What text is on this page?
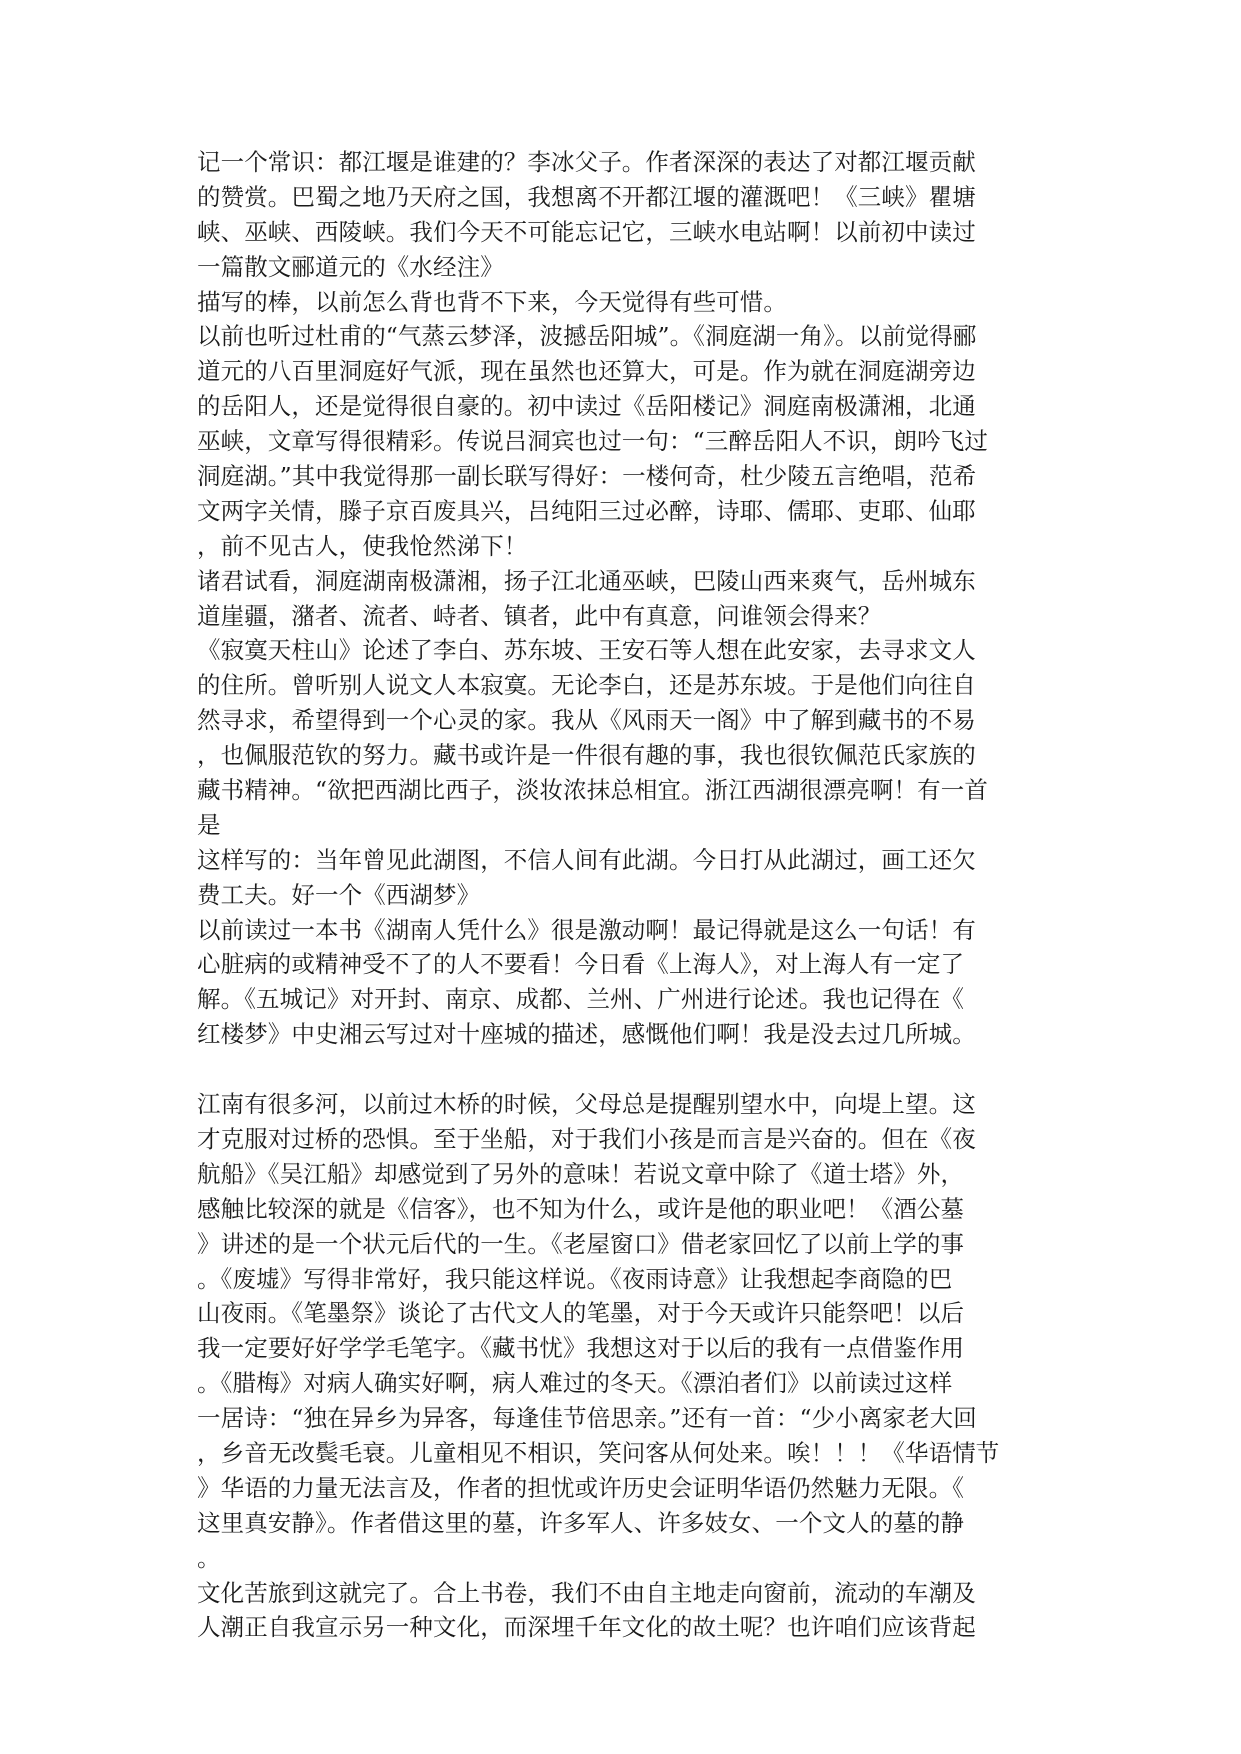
记一个常识：都江堰是谁建的？李冰父子。作者深深的表达了对都江堰贡献
的赞赏。巴蜀之地乃天府之国，我想离不开都江堰的灌溉吧！《三峡》瞿塘
峡、巫峡、西陵峡。我们今天不可能忘记它，三峡水电站啊！以前初中读过
一篇散文郦道元的《水经注》
描写的棒，以前怎么背也背不下来，今天觉得有些可惜。
以前也听过杜甫的“气蒸云梦泽，波撼岳阳城”。《洞庭湖一角》。以前觉得郦
道元的八百里洞庭好气派，现在虽然也还算大，可是。作为就在洞庭湖旁边
的岳阳人，还是觉得很自豪的。初中读过《岳阳楼记》洞庭南极潇湘，北通
巫峡，文章写得很精彩。传说吕洞宾也过一句：“三醉岳阳人不识，朗吟飞过
洞庭湖。”其中我觉得那一副长联写得好：一楼何奇，杜少陵五言绝唱，范希
文两字关情，滕子京百废具兴，吕纯阳三过必醉，诗耶、儒耶、吏耶、仙耶
，前不见古人，使我怆然涕下！
诸君试看，洞庭湖南极潇湘，扬子江北通巫峡，巴陵山西来爽气，岳州城东
道崖疆，潴者、流者、峙者、镇者，此中有真意，问谁领会得来？
《寂寞天柱山》论述了李白、苏东坡、王安石等人想在此安家，去寻求文人
的住所。曾听别人说文人本寂寞。无论李白，还是苏东坡。于是他们向往自
然寻求，希望得到一个心灵的家。我从《风雨天一阁》中了解到藏书的不易
，也佩服范钦的努力。藏书或许是一件很有趣的事，我也很钦佩范氏家族的
藏书精神。“欲把西湖比西子，淡妆浓抹总相宜。浙江西湖很漂亮啊！有一首
是
这样写的：当年曾见此湖图，不信人间有此湖。今日打从此湖过，画工还欠
费工夫。好一个《西湖梦》
以前读过一本书《湖南人凭什么》很是激动啊！最记得就是这么一句话！有
心脏病的或精神受不了的人不要看！今日看《上海人》，对上海人有一定了
解。《五城记》对开封、南京、成都、兰州、广州进行论述。我也记得在《
红楼梦》中史湘云写过对十座城的描述，感慨他们啊！我是没去过几所城。
江南有很多河，以前过木桥的时候，父母总是提醒别望水中，向堤上望。这
才克服对过桥的恐惧。至于坐船，对于我们小孩是而言是兴奋的。但在《夜
航船》《吴江船》却感觉到了另外的意味！若说文章中除了《道士塔》外，
感触比较深的就是《信客》，也不知为什么，或许是他的职业吧！《酒公墓
》讲述的是一个状元后代的一生。《老屋窗口》借老家回忆了以前上学的事
。《废墟》写得非常好，我只能这样说。《夜雨诗意》让我想起李商隐的巴
山夜雨。《笔墨祭》谈论了古代文人的笔墨，对于今天或许只能祭吧！以后
我一定要好好学学毛笔字。《藏书忧》我想这对于以后的我有一点借鉴作用
。《腊梅》对病人确实好啊，病人难过的冬天。《漂泊者们》以前读过这样
一居诗：“独在异乡为异客，每逢佳节倍思亲。”还有一首：“少小离家老大回
，乡音无改鬓毛衰。儿童相见不相识，笑问客从何处来。唉！！！《华语情节
》华语的力量无法言及，作者的担忧或许历史会证明华语仍然魅力无限。《
这里真安静》。作者借这里的墓，许多军人、许多妓女、一个文人的墓的静
。
文化苦旅到这就完了。合上书卷，我们不由自主地走向窗前，流动的车潮及
人潮正自我宣示另一种文化，而深埋千年文化的故土呢？也许咱们应该背起
